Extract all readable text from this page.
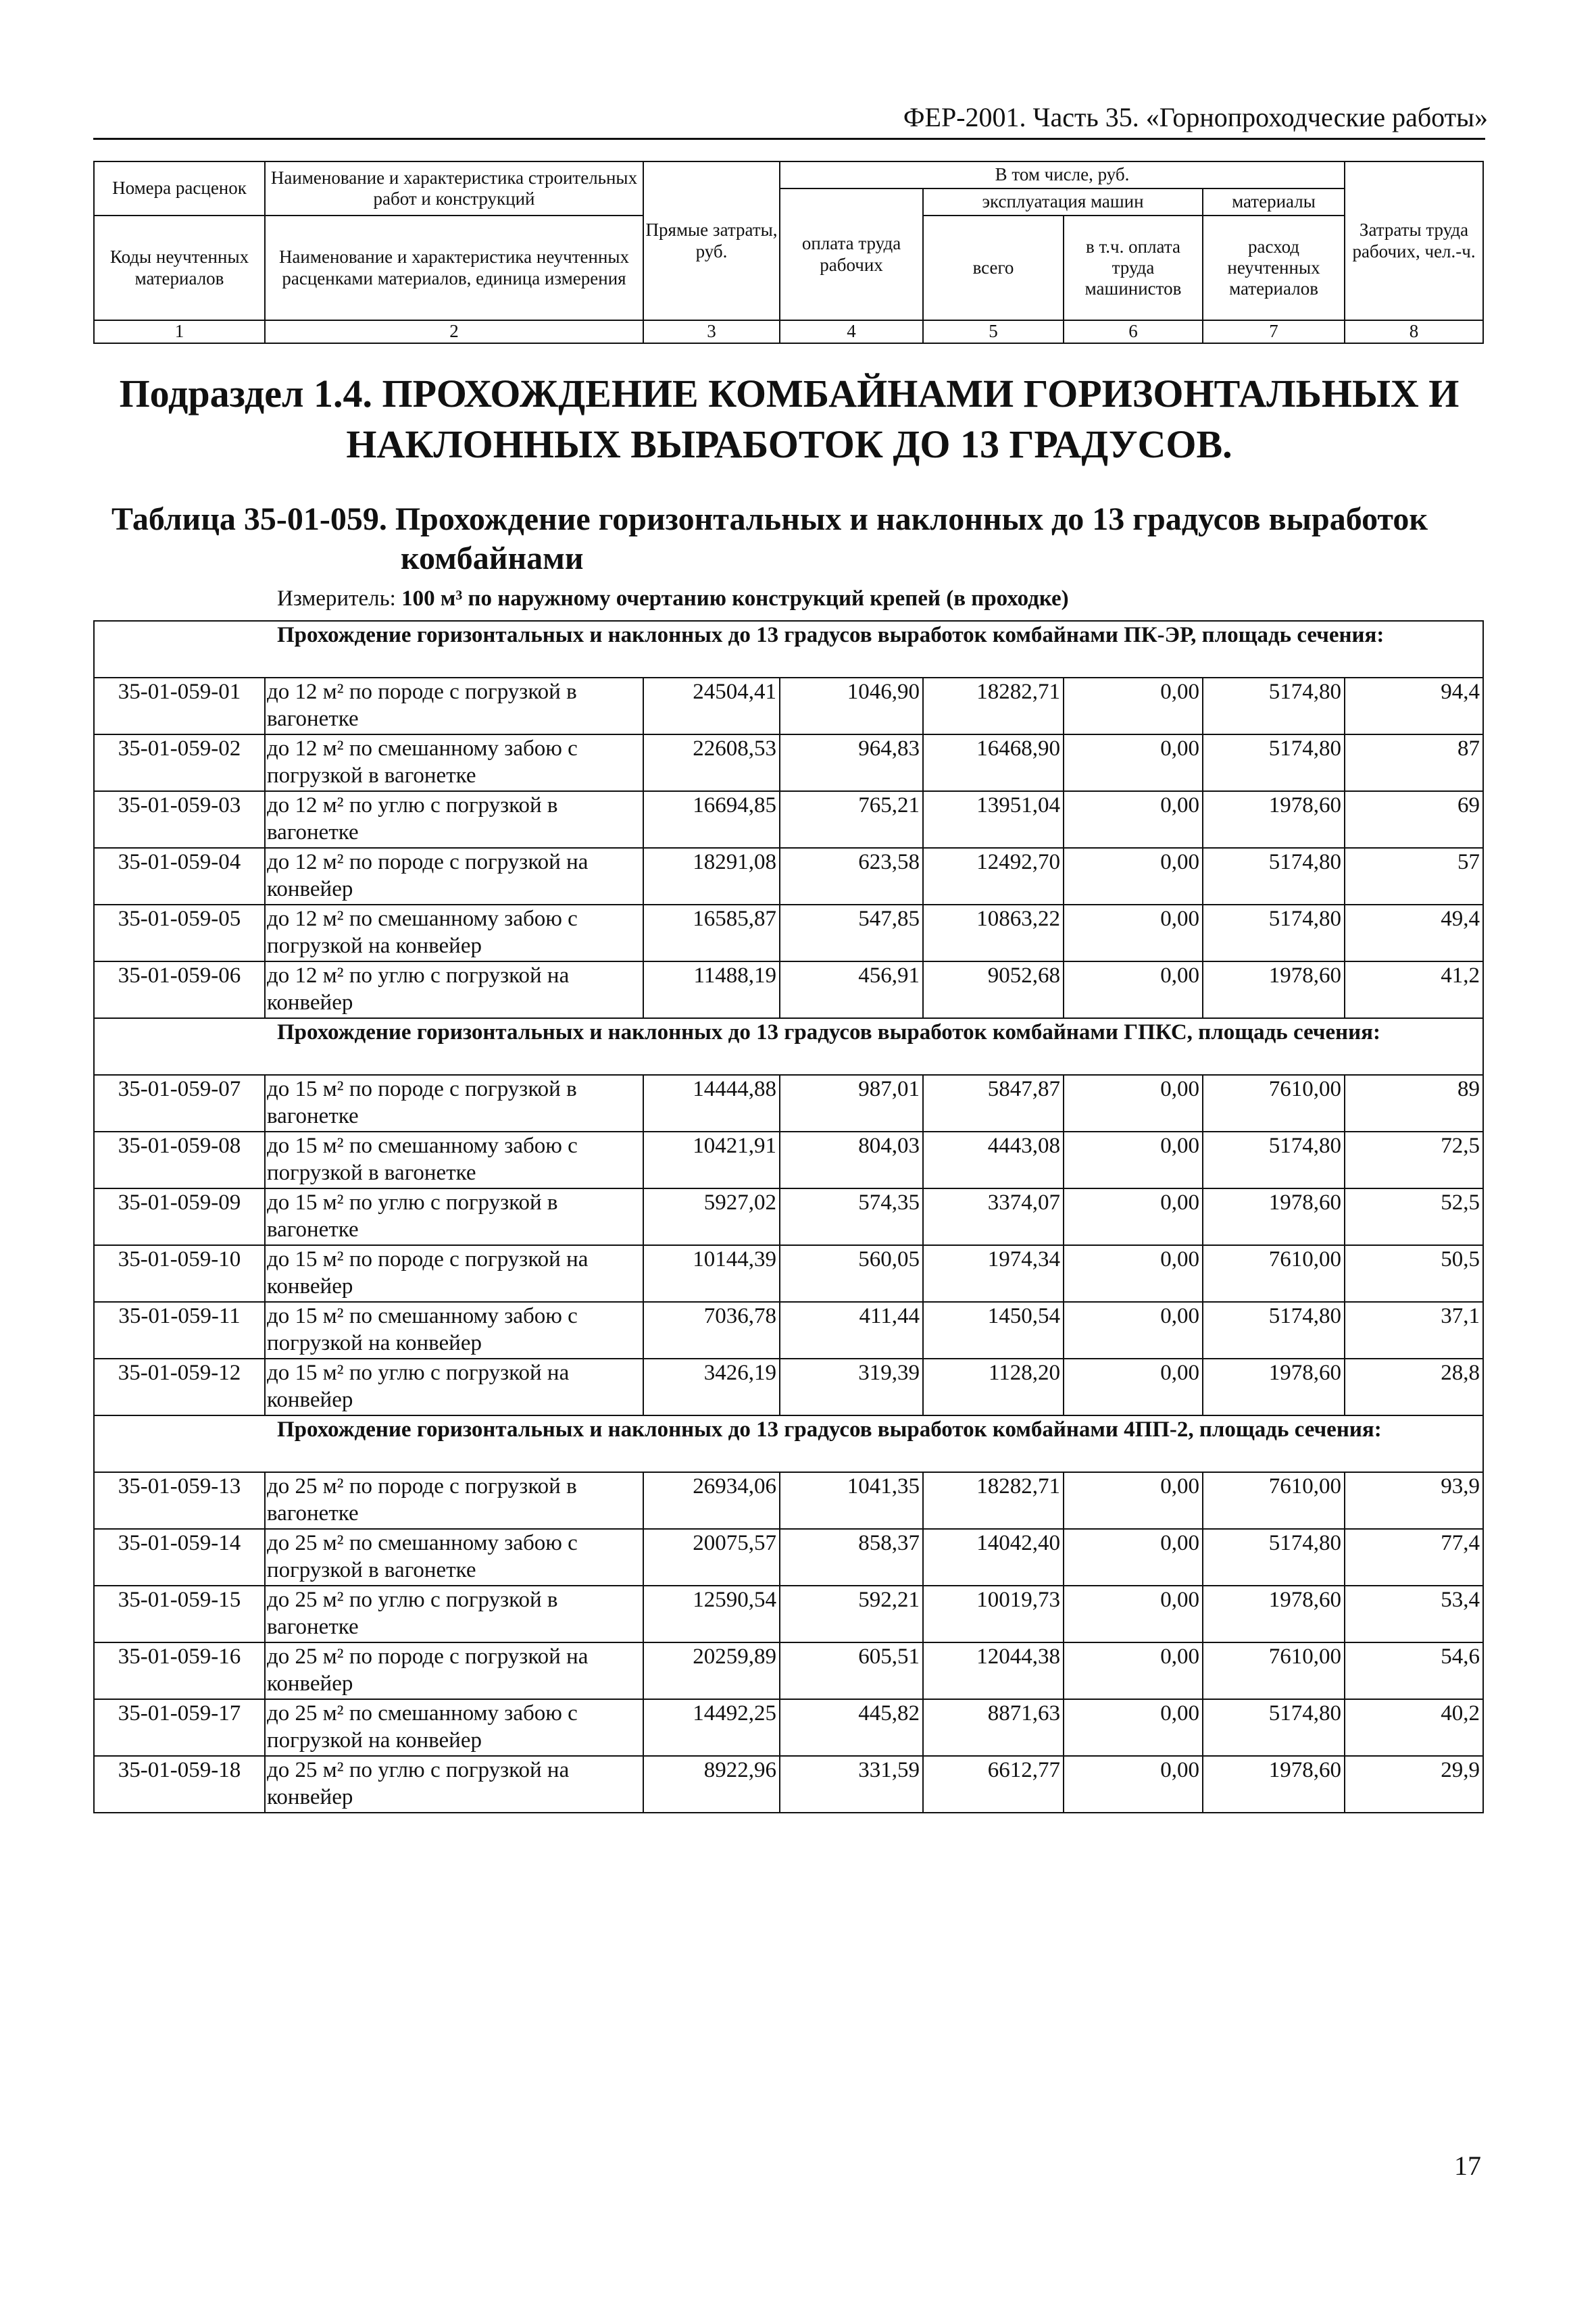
ФЕР-2001. Часть 35. «Горнопроходческие работы»
Номера расценок	Наименование и характеристика строительных работ и конструкций	Прямые затраты, руб.	В том числе, руб.				Затраты труда рабочих, чел.-ч.
			оплата труда рабочих	эксплуатация машин		материалы	
Коды неучтенных материалов	Наименование и характеристика неучтенных расценками материалов, единица измерения			всего	в т.ч. оплата труда машинистов	расход неучтенных материалов	

1	2	3	4	5	6	7	8
Подраздел 1.4. ПРОХОЖДЕНИЕ КОМБАЙНАМИ ГОРИЗОНТАЛЬНЫХ И НАКЛОННЫХ ВЫРАБОТОК ДО 13 ГРАДУСОВ.
Таблица 35-01-059. Прохождение горизонтальных и наклонных до 13 градусов выработок
комбайнами
Измеритель: 100 м³ по наружному очертанию конструкций крепей (в проходке)
Прохождение горизонтальных и наклонных до 13 градусов выработок комбайнами ПК-ЭР, площадь сечения:							
35-01-059-01	до 12 м² по породе с погрузкой в вагонетке	24504,41	1046,90	18282,71	0,00	5174,80	94,4
35-01-059-02	до 12 м² по смешанному забою с погрузкой в вагонетке	22608,53	964,83	16468,90	0,00	5174,80	87
35-01-059-03	до 12 м² по углю с погрузкой в вагонетке	16694,85	765,21	13951,04	0,00	1978,60	69
35-01-059-04	до 12 м² по породе с погрузкой на конвейер	18291,08	623,58	12492,70	0,00	5174,80	57
35-01-059-05	до 12 м² по смешанному забою с погрузкой на конвейер	16585,87	547,85	10863,22	0,00	5174,80	49,4
35-01-059-06	до 12 м² по углю с погрузкой на конвейер	11488,19	456,91	9052,68	0,00	1978,60	41,2
Прохождение горизонтальных и наклонных до 13 градусов выработок комбайнами ГПКС, площадь сечения:							
35-01-059-07	до 15 м² по породе с погрузкой в вагонетке	14444,88	987,01	5847,87	0,00	7610,00	89
35-01-059-08	до 15 м² по смешанному забою с погрузкой в вагонетке	10421,91	804,03	4443,08	0,00	5174,80	72,5
35-01-059-09	до 15 м² по углю с погрузкой в вагонетке	5927,02	574,35	3374,07	0,00	1978,60	52,5
35-01-059-10	до 15 м² по породе с погрузкой на конвейер	10144,39	560,05	1974,34	0,00	7610,00	50,5
35-01-059-11	до 15 м² по смешанному забою с погрузкой на конвейер	7036,78	411,44	1450,54	0,00	5174,80	37,1
35-01-059-12	до 15 м² по углю с погрузкой на конвейер	3426,19	319,39	1128,20	0,00	1978,60	28,8
Прохождение горизонтальных и наклонных до 13 градусов выработок комбайнами 4ПП-2, площадь сечения:							
35-01-059-13	до 25 м² по породе с погрузкой в вагонетке	26934,06	1041,35	18282,71	0,00	7610,00	93,9
35-01-059-14	до 25 м² по смешанному забою с погрузкой в вагонетке	20075,57	858,37	14042,40	0,00	5174,80	77,4
35-01-059-15	до 25 м² по углю с погрузкой в вагонетке	12590,54	592,21	10019,73	0,00	1978,60	53,4
35-01-059-16	до 25 м² по породе с погрузкой на конвейер	20259,89	605,51	12044,38	0,00	7610,00	54,6
35-01-059-17	до 25 м² по смешанному забою с погрузкой на конвейер	14492,25	445,82	8871,63	0,00	5174,80	40,2
35-01-059-18	до 25 м² по углю с погрузкой на конвейер	8922,96	331,59	6612,77	0,00	1978,60	29,9
17
